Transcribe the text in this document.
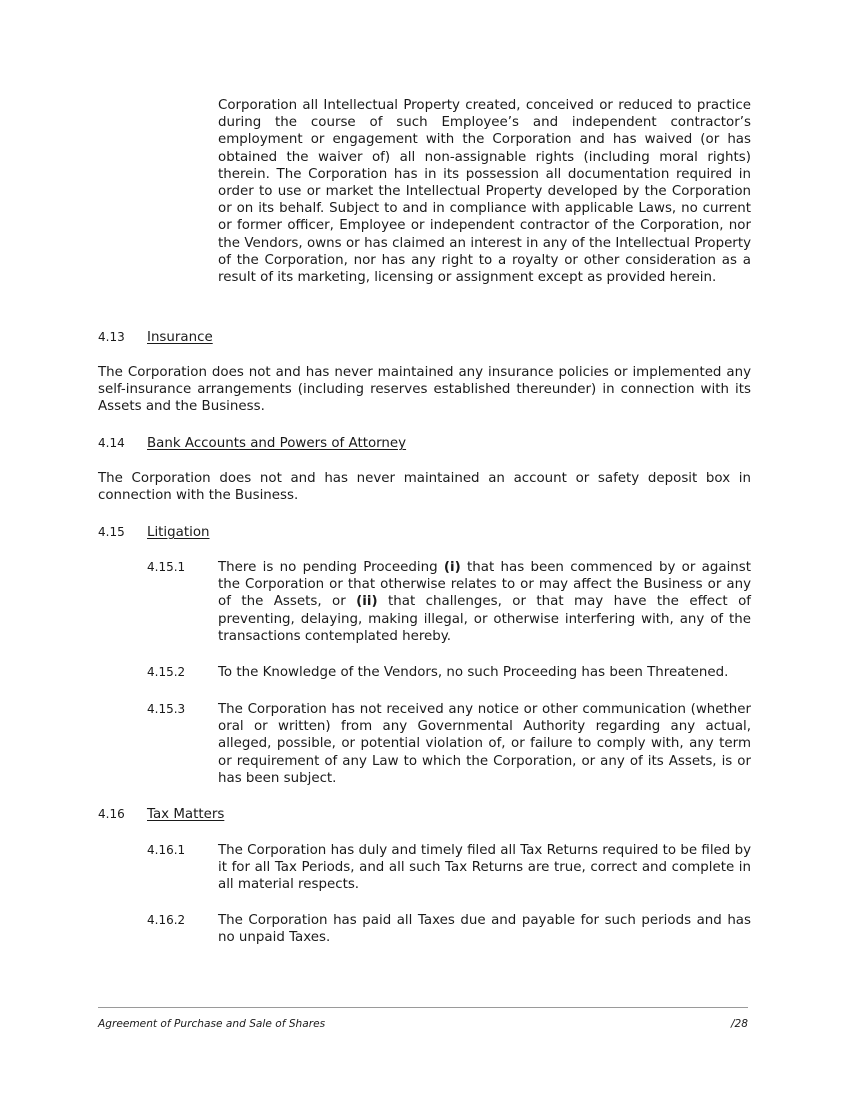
Corporation all Intellectual Property created, conceived or reduced to practice during the course of such Employee’s and independent contractor’s employment or engagement with the Corporation and has waived (or has obtained the waiver of) all non-assignable rights (including moral rights) therein. The Corporation has in its possession all documentation required in order to use or market the Intellectual Property developed by the Corporation or on its behalf. Subject to and in compliance with applicable Laws, no current or former officer, Employee or independent contractor of the Corporation, nor the Vendors, owns or has claimed an interest in any of the Intellectual Property of the Corporation, nor has any right to a royalty or other consideration as a result of its marketing, licensing or assignment except as provided herein.

4.13 Insurance

The Corporation does not and has never maintained any insurance policies or implemented any self-insurance arrangements (including reserves established thereunder) in connection with its Assets and the Business.

4.14 Bank Accounts and Powers of Attorney

The Corporation does not and has never maintained an account or safety deposit box in connection with the Business.

4.15 Litigation

4.15.1 There is no pending Proceeding (i) that has been commenced by or against the Corporation or that otherwise relates to or may affect the Business or any of the Assets, or (ii) that challenges, or that may have the effect of preventing, delaying, making illegal, or otherwise interfering with, any of the transactions contemplated hereby.

4.15.2 To the Knowledge of the Vendors, no such Proceeding has been Threatened.

4.15.3 The Corporation has not received any notice or other communication (whether oral or written) from any Governmental Authority regarding any actual, alleged, possible, or potential violation of, or failure to comply with, any term or requirement of any Law to which the Corporation, or any of its Assets, is or has been subject.

4.16 Tax Matters

4.16.1 The Corporation has duly and timely filed all Tax Returns required to be filed by it for all Tax Periods, and all such Tax Returns are true, correct and complete in all material respects.

4.16.2 The Corporation has paid all Taxes due and payable for such periods and has no unpaid Taxes.

Agreement of Purchase and Sale of Shares	/28
